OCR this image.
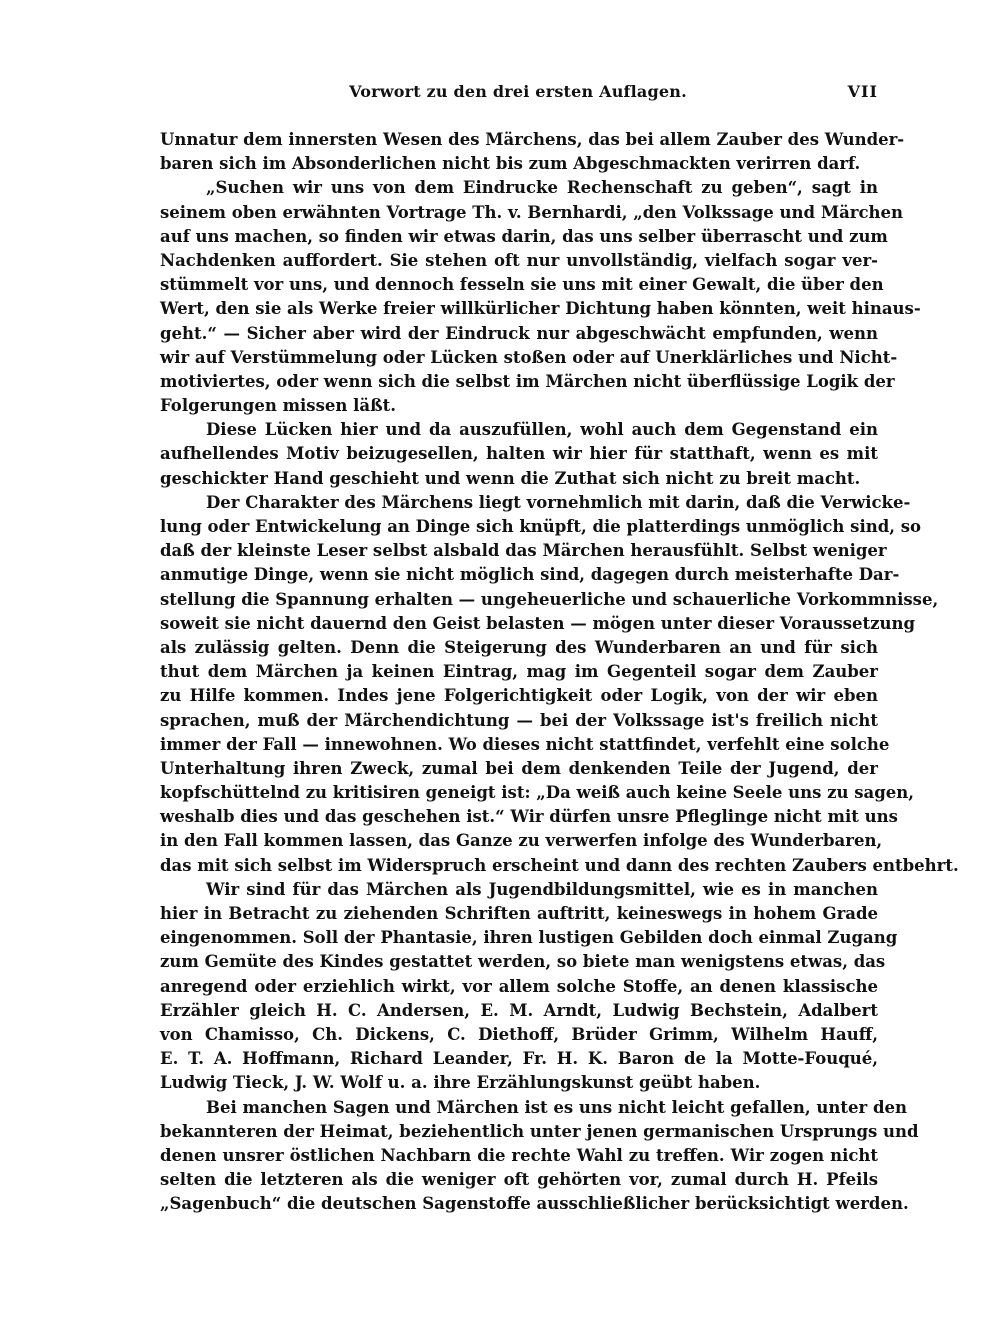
Vorwort zu den drei ersten Auflagen.	VII
Unnatur dem innersten Wesen des Märchens, das bei allem Zauber des Wunder-
baren sich im Absonderlichen nicht bis zum Abgeschmackten verirren darf.
„Suchen wir uns von dem Eindrucke Rechenschaft zu geben“, sagt in
seinem oben erwähnten Vortrage Th. v. Bernhardi, „den Volkssage und Märchen
auf uns machen, so finden wir etwas darin, das uns selber überrascht und zum
Nachdenken auffordert. Sie stehen oft nur unvollständig, vielfach sogar ver-
stümmelt vor uns, und dennoch fesseln sie uns mit einer Gewalt, die über den
Wert, den sie als Werke freier willkürlicher Dichtung haben könnten, weit hinaus-
geht.“ — Sicher aber wird der Eindruck nur abgeschwächt empfunden, wenn
wir auf Verstümmelung oder Lücken stoßen oder auf Unerklärliches und Nicht-
motiviertes, oder wenn sich die selbst im Märchen nicht überflüssige Logik der
Folgerungen missen läßt.
Diese Lücken hier und da auszufüllen, wohl auch dem Gegenstand ein
aufhellendes Motiv beizugesellen, halten wir hier für statthaft, wenn es mit
geschickter Hand geschieht und wenn die Zuthat sich nicht zu breit macht.
Der Charakter des Märchens liegt vornehmlich mit darin, daß die Verwicke-
lung oder Entwickelung an Dinge sich knüpft, die platterdings unmöglich sind, so
daß der kleinste Leser selbst alsbald das Märchen herausfühlt. Selbst weniger
anmutige Dinge, wenn sie nicht möglich sind, dagegen durch meisterhafte Dar-
stellung die Spannung erhalten — ungeheuerliche und schauerliche Vorkommnisse,
soweit sie nicht dauernd den Geist belasten — mögen unter dieser Voraussetzung
als zulässig gelten. Denn die Steigerung des Wunderbaren an und für sich
thut dem Märchen ja keinen Eintrag, mag im Gegenteil sogar dem Zauber
zu Hilfe kommen. Indes jene Folgerichtigkeit oder Logik, von der wir eben
sprachen, muß der Märchendichtung — bei der Volkssage ist's freilich nicht
immer der Fall — innewohnen. Wo dieses nicht stattfindet, verfehlt eine solche
Unterhaltung ihren Zweck, zumal bei dem denkenden Teile der Jugend, der
kopfschüttelnd zu kritisiren geneigt ist: „Da weiß auch keine Seele uns zu sagen,
weshalb dies und das geschehen ist.“ Wir dürfen unsre Pfleglinge nicht mit uns
in den Fall kommen lassen, das Ganze zu verwerfen infolge des Wunderbaren,
das mit sich selbst im Widerspruch erscheint und dann des rechten Zaubers entbehrt.
Wir sind für das Märchen als Jugendbildungsmittel, wie es in manchen
hier in Betracht zu ziehenden Schriften auftritt, keineswegs in hohem Grade
eingenommen. Soll der Phantasie, ihren lustigen Gebilden doch einmal Zugang
zum Gemüte des Kindes gestattet werden, so biete man wenigstens etwas, das
anregend oder erziehlich wirkt, vor allem solche Stoffe, an denen klassische
Erzähler gleich H. C. Andersen, E. M. Arndt, Ludwig Bechstein, Adalbert
von Chamisso, Ch. Dickens, C. Diethoff, Brüder Grimm, Wilhelm Hauff,
E. T. A. Hoffmann, Richard Leander, Fr. H. K. Baron de la Motte-Fouqué,
Ludwig Tieck, J. W. Wolf u. a. ihre Erzählungskunst geübt haben.
Bei manchen Sagen und Märchen ist es uns nicht leicht gefallen, unter den
bekannteren der Heimat, beziehentlich unter jenen germanischen Ursprungs und
denen unsrer östlichen Nachbarn die rechte Wahl zu treffen. Wir zogen nicht
selten die letzteren als die weniger oft gehörten vor, zumal durch H. Pfeils
„Sagenbuch“ die deutschen Sagenstoffe ausschließlicher berücksichtigt werden.
